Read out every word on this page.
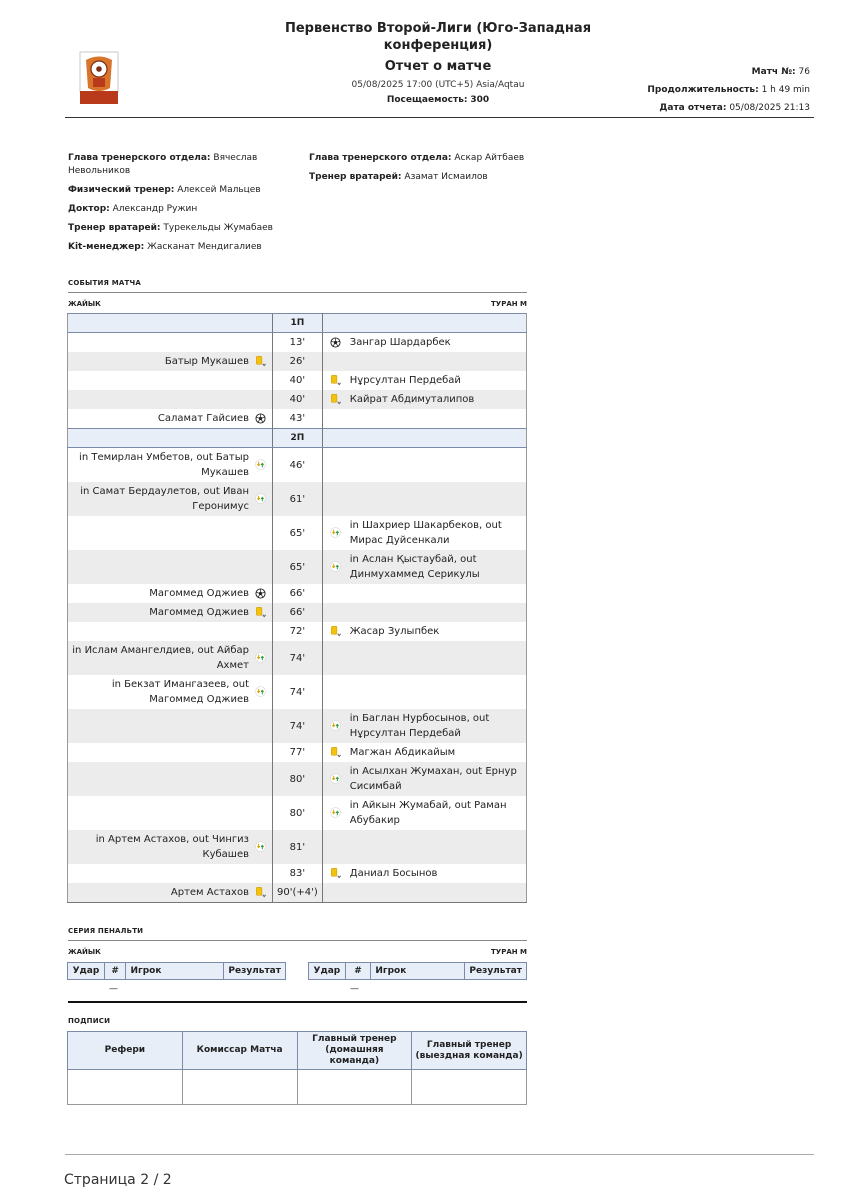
Первенство Второй-Лиги (Юго-Западная конференция)
Отчет о матче
05/08/2025 17:00 (UTC+5) Asia/Aqtau
Посещаемость: 300
Матч №: 76
Продолжительность: 1 h 49 min
Дата отчета: 05/08/2025 21:13

Глава тренерского отдела: Вячеслав Невольников

Физический тренер: Алексей Мальцев

Доктор: Александр Ружин

Тренер вратарей: Турекельды Жумабаев

Kit-менеджер: Жасканат Мендигалиев

Глава тренерского отдела: Аскар Айтбаев

Тренер вратарей: Азамат Исмаилов

СОБЫТИЯ МАТЧА
ЖАЙЫК	ТУРАН М
	1П	
	13'	Зангар Шардарбек

Батыр Мукашев	26'	
	40'	Нұрсултан Пердебай

	40'	Кайрат Абдимуталипов

Саламат Гайсиев	43'	
	2П	

in Темирлан Умбетов, out Батыр Мукашев	46'	

in Самат Бердаулетов, out Иван Геронимус	61'	
	65'	in Шахриер Шакарбеков, out Мирас Дуйсенкали

	65'	in Аслан Қыстаубай, out Динмухаммед Серикулы

Магоммед Оджиев	66'	

Магоммед Оджиев	66'	
	72'	Жасар Зулыпбек

in Ислам Амангелдиев, out Айбар Ахмет	74'	

in Бекзат Имангазеев, out Магоммед Оджиев	74'	
	74'	in Баглан Нурбосынов, out Нұрсултан Пердебай

	77'	Магжан Абдикайым

	80'	in Асылхан Жумахан, out Ернур Сисимбай

	80'	in Айкын Жумабай, out Раман Абубакир

in Артем Астахов, out Чингиз Кубашев	81'	
	83'	Даниал Босынов

Артем Астахов	90'(+4')	
СЕРИЯ ПЕНАЛЬТИ
ЖАЙЫК	ТУРАН М
Удар	#	Игрок	Результат
—
Удар	#	Игрок	Результат
—
ПОДПИСИ
Рефери	Комиссар Матча	Главный тренер (домашняя команда)	Главный тренер (выездная команда)

Страница 2 / 2
